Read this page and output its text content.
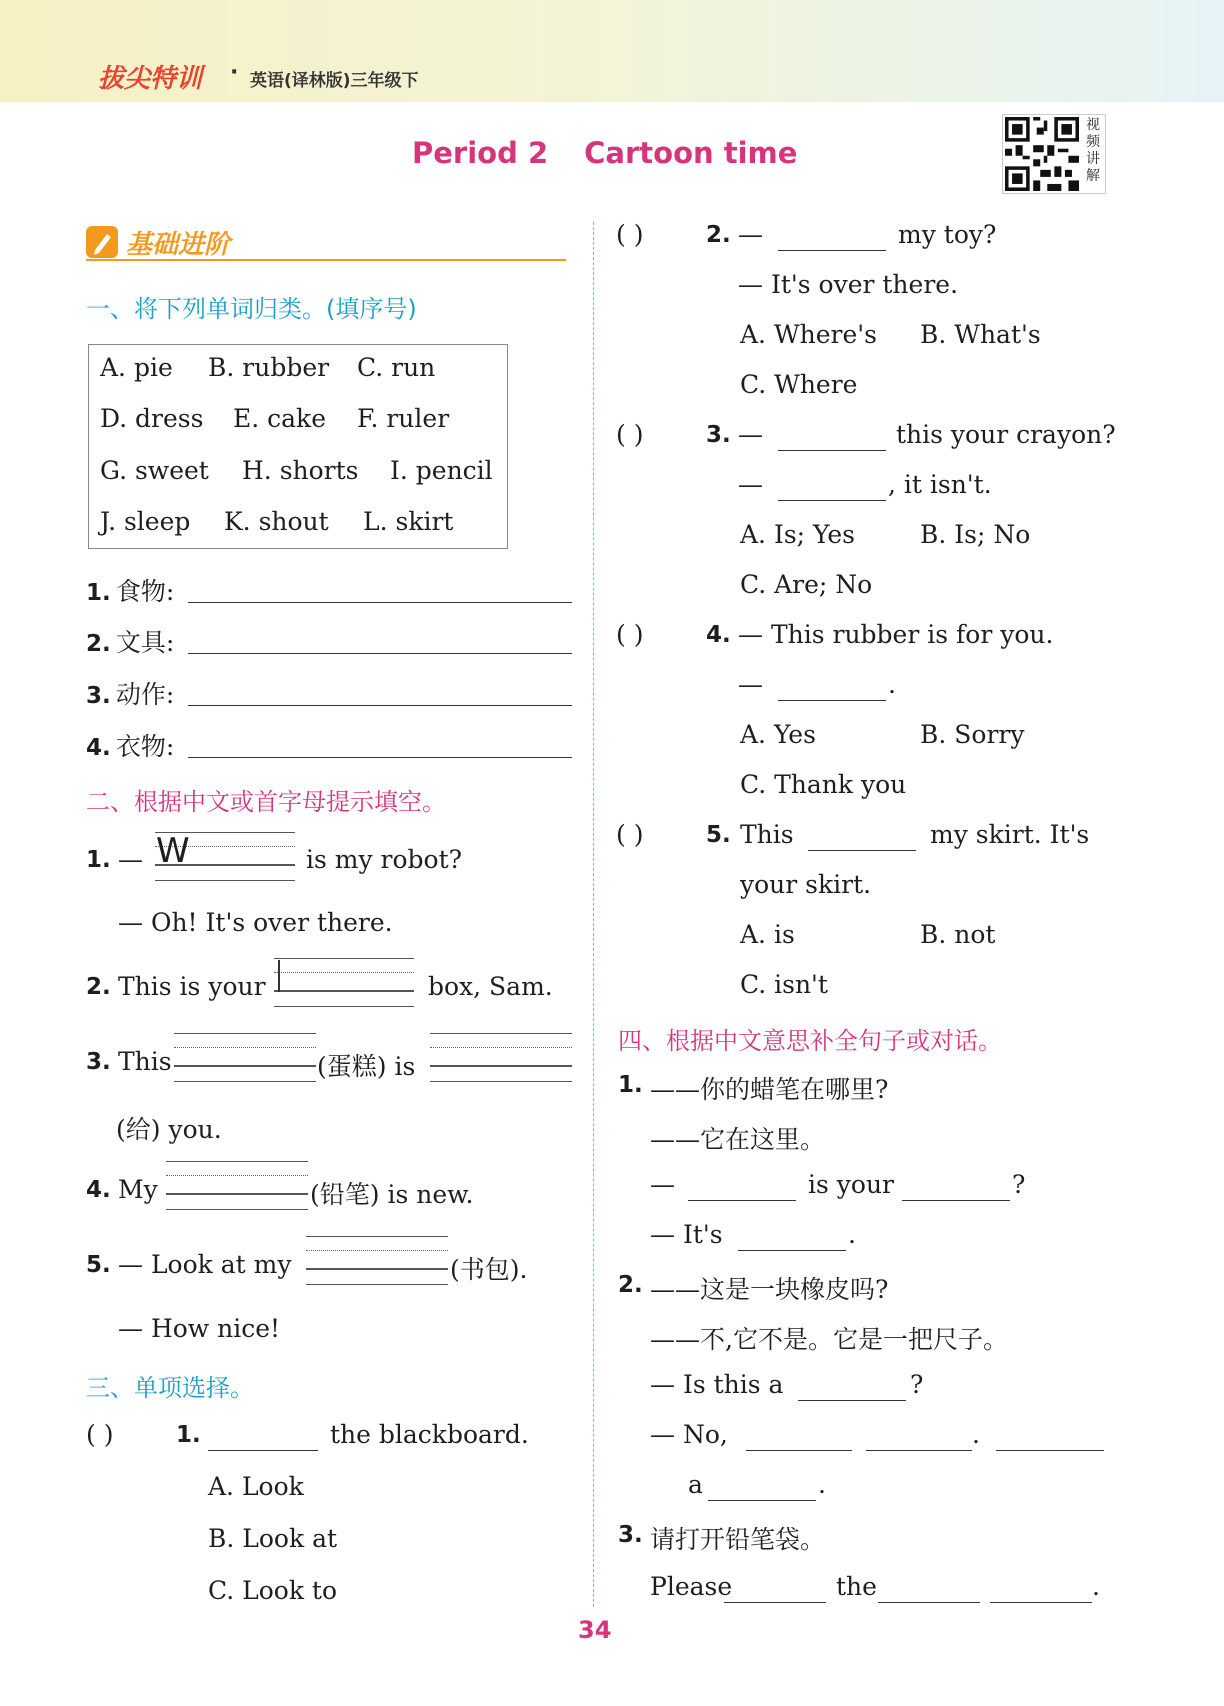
拔尖特训 · 英语(译林版)三年级下
Period 2 Cartoon time
视
频
讲
解
基础进阶
一、将下列单词归类。(填序号)
A. pie B. rubber C. run
D. dress E. cake F. ruler
G. sweet H. shorts I. pencil
J. sleep K. shout L. skirt
1. 食物:
2. 文具:
3. 动作:
4. 衣物:
二、根据中文或首字母提示填空。
1. — W	is my robot?
— Oh! It's over there.
2. This is your	box, Sam.
3. This	(蛋糕) is
(给) you.
4. My	(铅笔) is new.
5. — Look at my	(书包).
— How nice!
三、单项选择。
( )	1.	the blackboard.
A. Look
B. Look at
C. Look to
( )	2. —	my toy?
— It's over there.
A. Where's B. What's
C. Where
( )	3. —	this your crayon?
—	, it isn't.
A. Is; Yes	B. Is; No
C. Are; No
( )	4. — This rubber is for you.
—	.
A. Yes	B. Sorry
C. Thank you
( )	5. This	my skirt. It's
your skirt.
A. is	B. not
C. isn't
四、根据中文意思补全句子或对话。
1. ——你的蜡笔在哪里?
——它在这里。
—	is your	?
— It's	.
2. ——这是一块橡皮吗?
——不,它不是。它是一把尺子。
— Is this a	?
— No,	.
a	.
3. 请打开铅笔袋。
Please	the	.
34
